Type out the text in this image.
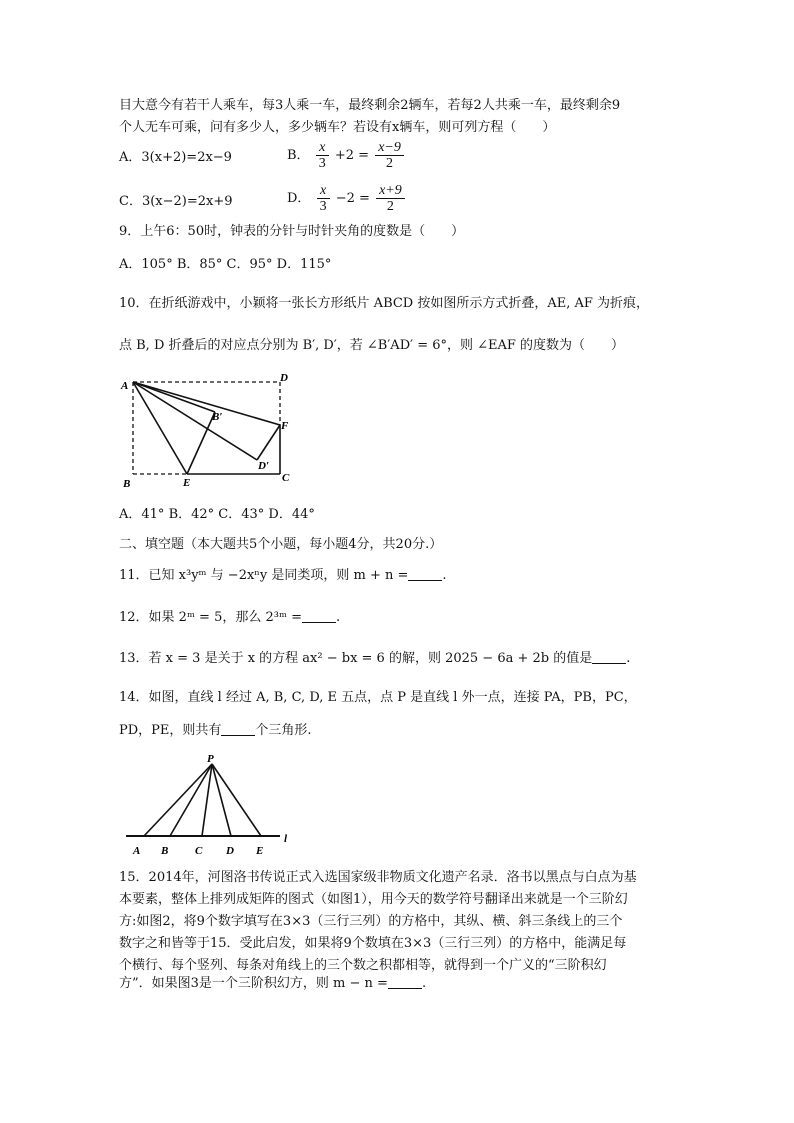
目大意今有若干人乘车，每3人乘一车，最终剩余2辆车，若每2人共乘一车，最终剩余9
个人无车可乘，问有多少人，多少辆车？若设有x辆车，则可列方程（　　）
A．3(x+2)=2x−9	B． $\frac{x}{3} +2 = \frac{x-9}{2}$
C．3(x−2)=2x+9	D． $\frac{x}{3} -2 = \frac{x+9}{2}$
9．上午6：50时，钟表的分针与时针夹角的度数是（　　）
A．105° B．85° C．95° D．115°
10．在折纸游戏中，小颖将一张长方形纸片 ABCD 按如图所示方式折叠，AE, AF 为折痕，
点 B, D 折叠后的对应点分别为 B′, D′，若 ∠B′AD′ = 6°，则 ∠EAF 的度数为（　　）
A
D
B	E	C
F
B′
D′
A．41° B．42° C．43° D．44°
二、填空题（本大题共5个小题，每小题4分，共20分.）
11．已知 x³yᵐ 与 −2xⁿy 是同类项，则 m + n =	.
12．如果 2ᵐ = 5，那么 2³ᵐ =	.
13．若 x = 3 是关于 x 的方程 ax² − bx = 6 的解，则 2025 − 6a + 2b 的值是	.
14．如图，直线 l 经过 A, B, C, D, E 五点，点 P 是直线 l 外一点，连接 PA，PB，PC，
PD，PE，则共有	个三角形.
P
A B C D E
l
15．2014年，河图洛书传说正式入选国家级非物质文化遗产名录．洛书以黑点与白点为基
本要素，整体上排列成矩阵的图式（如图1），用今天的数学符号翻译出来就是一个三阶幻
方:如图2，将9个数字填写在3×3（三行三列）的方格中，其纵、横、斜三条线上的三个
数字之和皆等于15．受此启发，如果将9个数填在3×3（三行三列）的方格中，能满足每
个横行、每个竖列、每条对角线上的三个数之积都相等，就得到一个广义的“三阶积幻
方”．如果图3是一个三阶积幻方，则 m − n =	.
